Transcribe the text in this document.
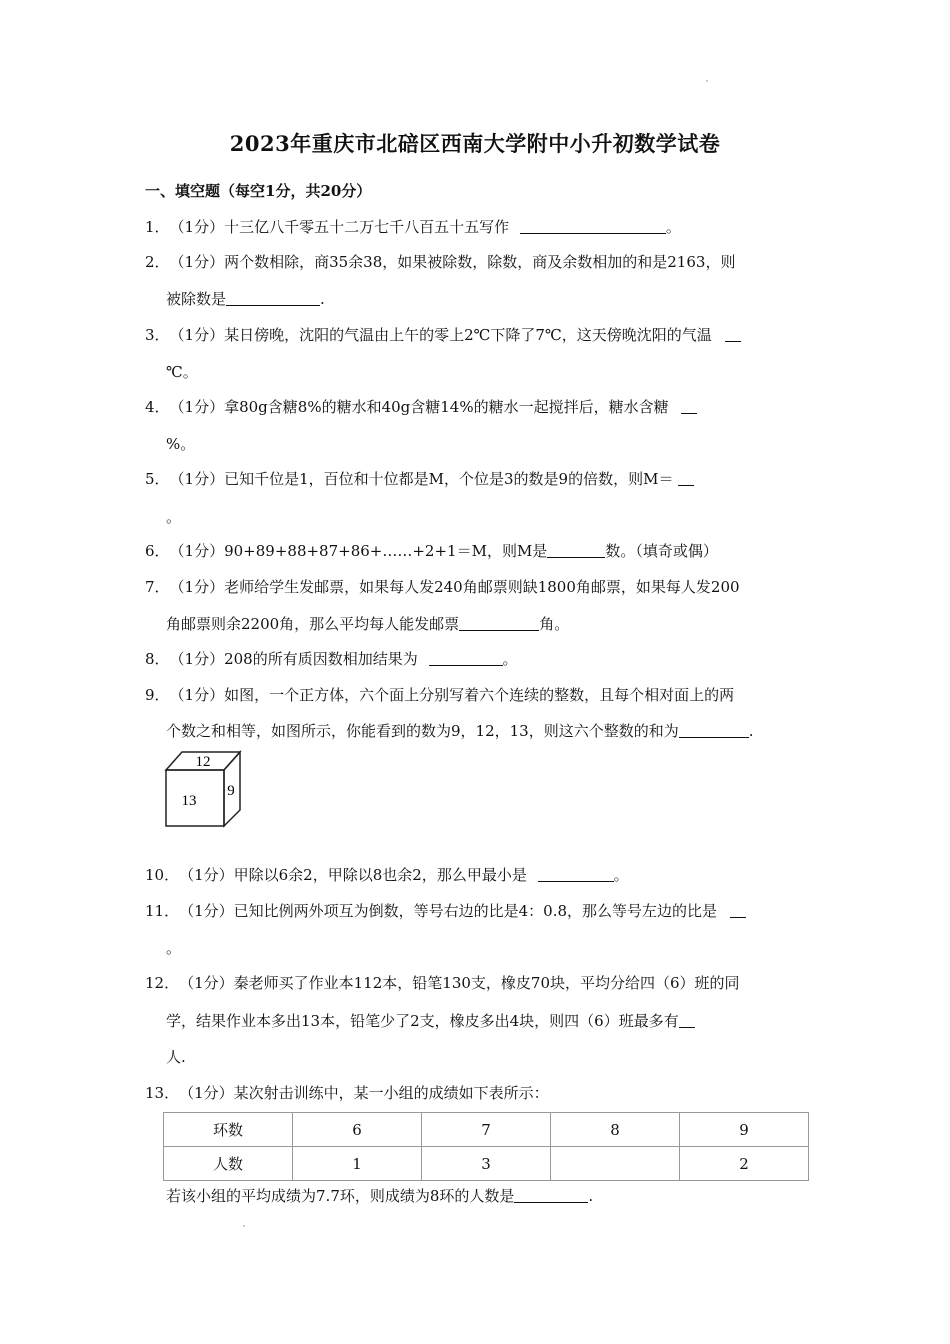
2023年重庆市北碚区西南大学附中小升初数学试卷
一、填空题（每空1分，共20分）
1．（1分）十三亿八千零五十二万七千八百五十五写作	。
2．（1分）两个数相除，商35余38，如果被除数，除数，商及余数相加的和是2163，则
被除数是	.
3．（1分）某日傍晚，沈阳的气温由上午的零上2℃下降了7℃，这天傍晚沈阳的气温
℃。
4．（1分）拿80g含糖8%的糖水和40g含糖14%的糖水一起搅拌后，糖水含糖
%。
5．（1分）已知千位是1，百位和十位都是M，个位是3的数是9的倍数，则M＝
。
6．（1分）90+89+88+87+86+……+2+1＝M，则M是	数。（填奇或偶）
7．（1分）老师给学生发邮票，如果每人发240角邮票则缺1800角邮票，如果每人发200
角邮票则余2200角，那么平均每人能发邮票	角。
8．（1分）208的所有质因数相加结果为	。
9．（1分）如图，一个正方体，六个面上分别写着六个连续的整数，且每个相对面上的两
个数之和相等，如图所示，你能看到的数为9，12，13，则这六个整数的和为	.
12
13
9
10．（1分）甲除以6余2，甲除以8也余2，那么甲最小是	。
11．（1分）已知比例两外项互为倒数，等号右边的比是4：0.8，那么等号左边的比是
。
12．（1分）秦老师买了作业本112本，铅笔130支，橡皮70块，平均分给四（6）班的同
学，结果作业本多出13本，铅笔少了2支，橡皮多出4块，则四（6）班最多有
人.
13．（1分）某次射击训练中，某一小组的成绩如下表所示：
环数	6	7	8	9
人数	1	3		2
若该小组的平均成绩为7.7环，则成绩为8环的人数是	.
